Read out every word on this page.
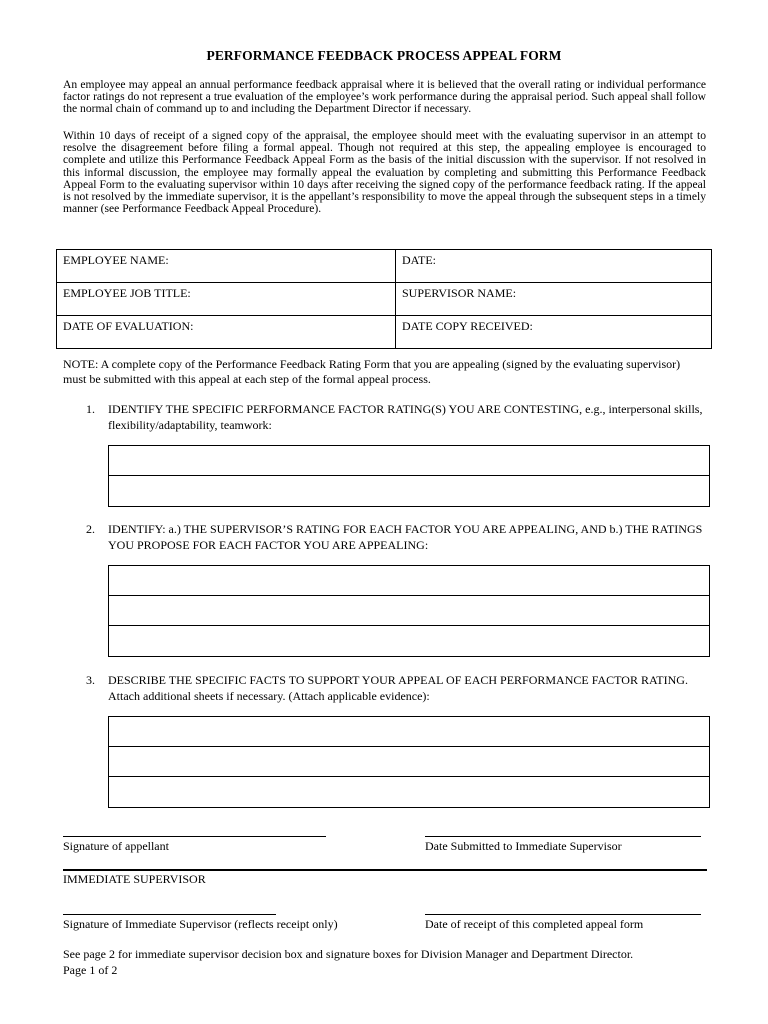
PERFORMANCE FEEDBACK PROCESS APPEAL FORM

An employee may appeal an annual performance feedback appraisal where it is believed that the overall rating or individual performance factor ratings do not represent a true evaluation of the employee’s work performance during the appraisal period. Such appeal shall follow the normal chain of command up to and including the Department Director if necessary.

Within 10 days of receipt of a signed copy of the appraisal, the employee should meet with the evaluating supervisor in an attempt to resolve the disagreement before filing a formal appeal. Though not required at this step, the appealing employee is encouraged to complete and utilize this Performance Feedback Appeal Form as the basis of the initial discussion with the supervisor. If not resolved in this informal discussion, the employee may formally appeal the evaluation by completing and submitting this Performance Feedback Appeal Form to the evaluating supervisor within 10 days after receiving the signed copy of the performance feedback rating. If the appeal is not resolved by the immediate supervisor, it is the appellant’s responsibility to move the appeal through the subsequent steps in a timely manner (see Performance Feedback Appeal Procedure).

EMPLOYEE NAME:	DATE:
EMPLOYEE JOB TITLE:	SUPERVISOR NAME:
DATE OF EVALUATION:	DATE COPY RECEIVED:

NOTE: A complete copy of the Performance Feedback Rating Form that you are appealing (signed by the evaluating supervisor) must be submitted with this appeal at each step of the formal appeal process.

1. IDENTIFY THE SPECIFIC PERFORMANCE FACTOR RATING(S) YOU ARE CONTESTING, e.g., interpersonal skills, flexibility/adaptability, teamwork:
2. IDENTIFY: a.) THE SUPERVISOR’S RATING FOR EACH FACTOR YOU ARE APPEALING, AND b.) THE RATINGS YOU PROPOSE FOR EACH FACTOR YOU ARE APPEALING:
3. DESCRIBE THE SPECIFIC FACTS TO SUPPORT YOUR APPEAL OF EACH PERFORMANCE FACTOR RATING. Attach additional sheets if necessary. (Attach applicable evidence):
Signature of appellant	Date Submitted to Immediate Supervisor
IMMEDIATE SUPERVISOR
Signature of Immediate Supervisor (reflects receipt only)	Date of receipt of this completed appeal form
See page 2 for immediate supervisor decision box and signature boxes for Division Manager and Department Director.
Page 1 of 2
